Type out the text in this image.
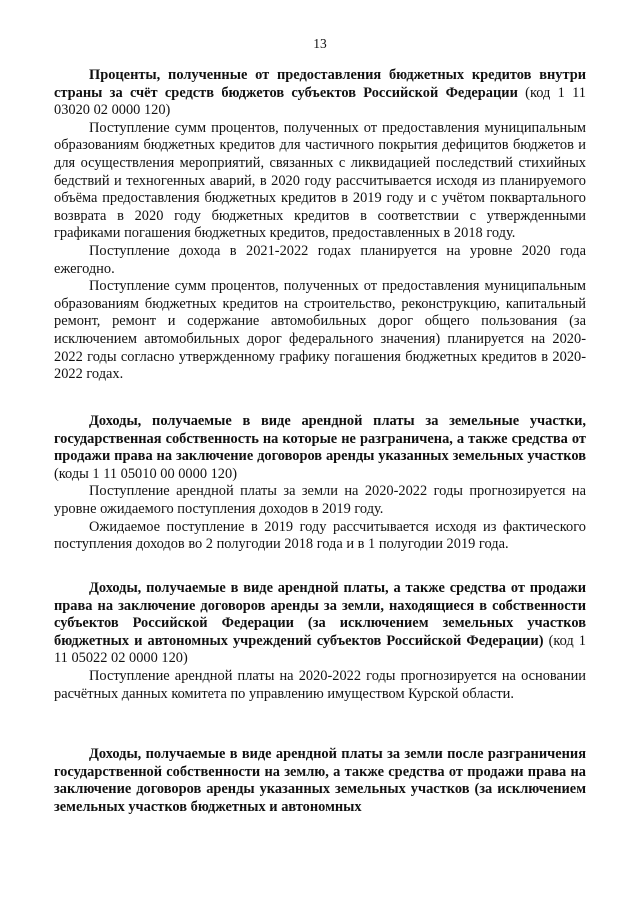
13

Проценты, полученные от предоставления бюджетных кредитов внутри страны за счёт средств бюджетов субъектов Российской Федерации (код 1 11 03020 02 0000 120)

Поступление сумм процентов, полученных от предоставления муниципальным образованиям бюджетных кредитов для частичного покрытия дефицитов бюджетов и для осуществления мероприятий, связанных с ликвидацией последствий стихийных бедствий и техногенных аварий, в 2020 году рассчитывается исходя из планируемого объёма предоставления бюджетных кредитов в 2019 году и с учётом поквартального возврата в 2020 году бюджетных кредитов в соответствии с утвержденными графиками погашения бюджетных кредитов, предоставленных в 2018 году.

Поступление дохода в 2021-2022 годах планируется на уровне 2020 года ежегодно.

Поступление сумм процентов, полученных от предоставления муниципальным образованиям бюджетных кредитов на строительство, реконструкцию, капитальный ремонт, ремонт и содержание автомобильных дорог общего пользования (за исключением автомобильных дорог федерального значения) планируется на 2020-2022 годы согласно утвержденному графику погашения бюджетных кредитов в 2020-2022 годах.

Доходы, получаемые в виде арендной платы за земельные участки, государственная собственность на которые не разграничена, а также средства от продажи права на заключение договоров аренды указанных земельных участков (коды 1 11 05010 00 0000 120)

Поступление арендной платы за земли на 2020-2022 годы прогнозируется на уровне ожидаемого поступления доходов в 2019 году.

Ожидаемое поступление в 2019 году рассчитывается исходя из фактического поступления доходов во 2 полугодии 2018 года и в 1 полугодии 2019 года.

Доходы, получаемые в виде арендной платы, а также средства от продажи права на заключение договоров аренды за земли, находящиеся в собственности субъектов Российской Федерации (за исключением земельных участков бюджетных и автономных учреждений субъектов Российской Федерации) (код 1 11 05022 02 0000 120)

Поступление арендной платы на 2020-2022 годы прогнозируется на основании расчётных данных комитета по управлению имуществом Курской области.

Доходы, получаемые в виде арендной платы за земли после разграничения государственной собственности на землю, а также средства от продажи права на заключение договоров аренды указанных земельных участков (за исключением земельных участков бюджетных и автономных
